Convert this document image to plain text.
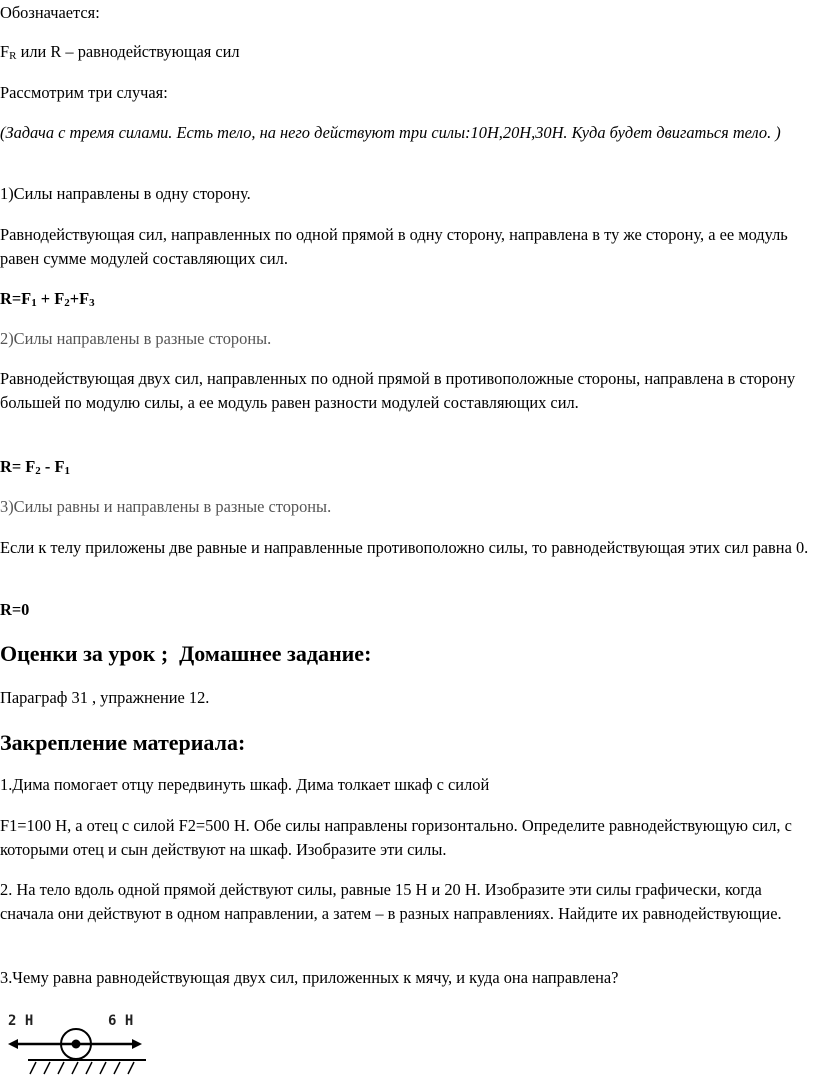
Обозначается:

$F_R$ или R – равнодействующая сил

Рассмотрим три случая:

(Задача с тремя силами. Есть тело, на него действуют три силы:10Н,20Н,30Н. Куда будет двигаться тело. )

1)Силы направлены в одну сторону.

Равнодействующая сил, направленных по одной прямой в одну сторону, направлена в ту же сторону, а ее модуль равен сумме модулей составляющих сил.

$R=F_1 + F_2+F_3$

2)Силы направлены в разные стороны.

Равнодействующая двух сил, направленных по одной прямой в противоположные стороны, направлена в сторону большей по модулю силы, а ее модуль равен разности модулей составляющих сил.

$R= F_2 - F_1$

3)Силы равны и направлены в разные стороны.

Если к телу приложены две равные и направленные противоположно силы, то равнодействующая этих сил равна 0.

R=0

Оценки за урок ;  Домашнее задание:

Параграф 31 , упражнение 12.

Закрепление материала:

1.Дима помогает отцу передвинуть шкаф. Дима толкает шкаф с силой

F1=100 Н, а отец с силой F2=500 Н. Обе силы направлены горизонтально. Определите равнодействующую сил, с которыми отец и сын действуют на шкаф. Изобразите эти силы.

2. На тело вдоль одной прямой действуют силы, равные 15 Н и 20 Н. Изобразите эти силы графически, когда сначала они действуют в одном направлении, а затем – в разных направлениях. Найдите их равнодействующие.

3.Чему равна равнодействующая двух сил, приложенных к мячу, и куда она направлена?

2 Н	6 Н
